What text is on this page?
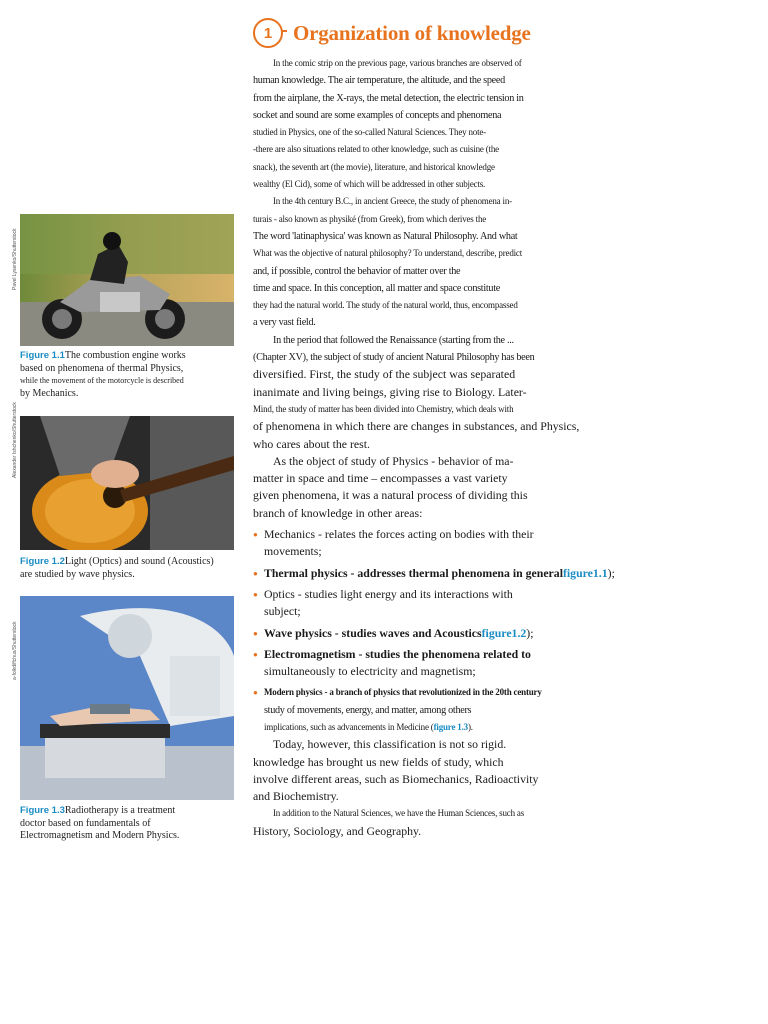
Pavel Lysenko/Shutterstock
Figure 1.1The combustion engine works
based on phenomena of thermal Physics,
while the movement of the motorcycle is described
by Mechanics.
Alexander Ishchenko/Shutterstock
Figure 1.2Light (Optics) and sound (Acoustics)
are studied by wave physics.
a-folkdiffchus/Shutterstock
Figure 1.3Radiotherapy is a treatment
doctor based on fundamentals of
Electromagnetism and Modern Physics.
1 Organization of knowledge
In the comic strip on the previous page, various branches are observed of
human knowledge. The air temperature, the altitude, and the speed
from the airplane, the X-rays, the metal detection, the electric tension in
socket and sound are some examples of concepts and phenomena
studied in Physics, one of the so-called Natural Sciences. They note-
-there are also situations related to other knowledge, such as cuisine (the
snack), the seventh art (the movie), literature, and historical knowledge
wealthy (El Cid), some of which will be addressed in other subjects.
In the 4th century B.C., in ancient Greece, the study of phenomena in-
turais - also known as physiké (from Greek), from which derives the
The word 'latinaphysica' was known as Natural Philosophy. And what
What was the objective of natural philosophy? To understand, describe, predict
and, if possible, control the behavior of matter over the
time and space. In this conception, all matter and space constitute
they had the natural world. The study of the natural world, thus, encompassed
a very vast field.
In the period that followed the Renaissance (starting from the ...
(Chapter XV), the subject of study of ancient Natural Philosophy has been
diversified. First, the study of the subject was separated
inanimate and living beings, giving rise to Biology. Later-
Mind, the study of matter has been divided into Chemistry, which deals with
of phenomena in which there are changes in substances, and Physics,
who cares about the rest.
As the object of study of Physics - behavior of ma-
matter in space and time – encompasses a vast variety
given phenomena, it was a natural process of dividing this
branch of knowledge in other areas:
● Mechanics - relates the forces acting on bodies with their
movements;
● Thermal physics - addresses thermal phenomena in generalfigure1.1);
● Optics - studies light energy and its interactions with
subject;
● Wave physics - studies waves and Acousticsfigure1.2);
● Electromagnetism - studies the phenomena related to
simultaneously to electricity and magnetism;
● Modern physics - a branch of physics that revolutionized in the 20th century
study of movements, energy, and matter, among others
implications, such as advancements in Medicine (figure 1.3).
Today, however, this classification is not so rigid.
knowledge has brought us new fields of study, which
involve different areas, such as Biomechanics, Radioactivity
and Biochemistry.
In addition to the Natural Sciences, we have the Human Sciences, such as
History, Sociology, and Geography.
